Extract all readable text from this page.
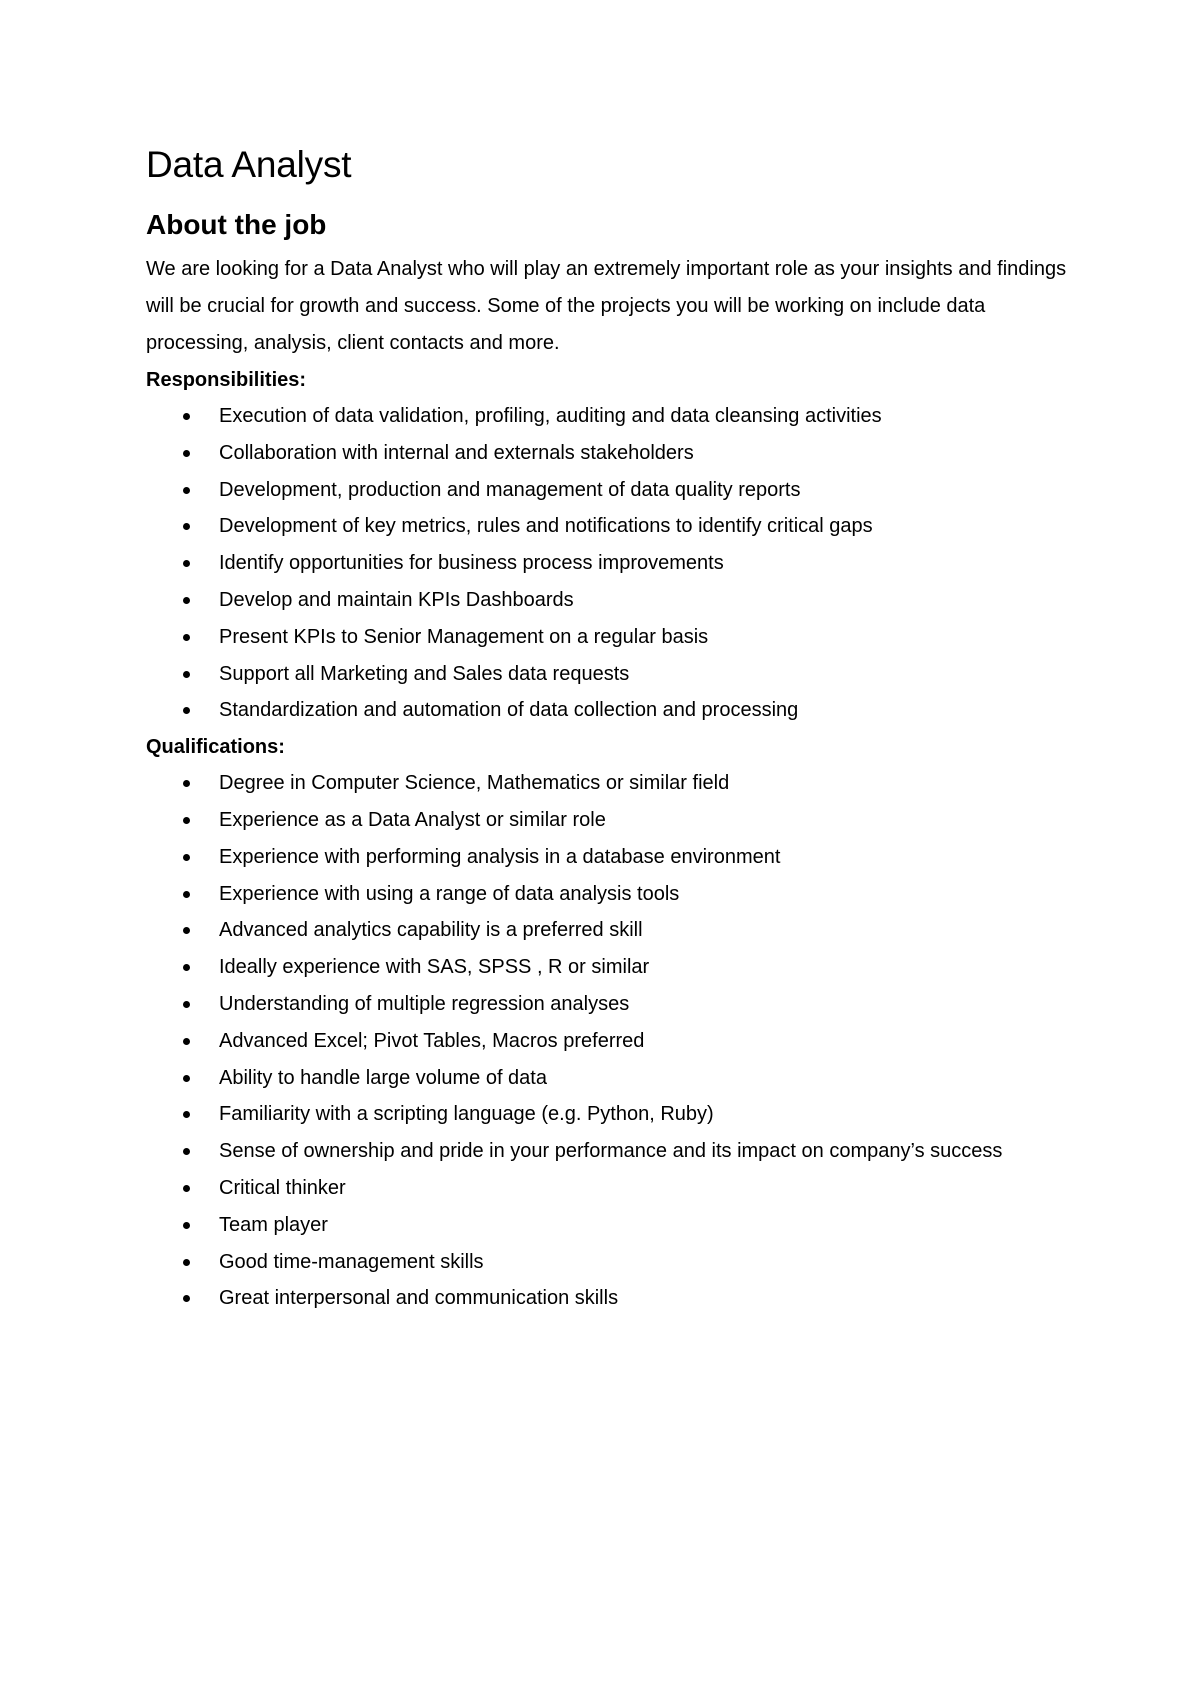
Data Analyst
About the job

We are looking for a Data Analyst who will play an extremely important role as your insights and findings will be crucial for growth and success. Some of the projects you will be working on include data processing, analysis, client contacts and more.

Responsibilities:

Execution of data validation, profiling, auditing and data cleansing activities
Collaboration with internal and externals stakeholders
Development, production and management of data quality reports
Development of key metrics, rules and notifications to identify critical gaps
Identify opportunities for business process improvements
Develop and maintain KPIs Dashboards
Present KPIs to Senior Management on a regular basis
Support all Marketing and Sales data requests
Standardization and automation of data collection and processing

Qualifications:

Degree in Computer Science, Mathematics or similar field
Experience as a Data Analyst or similar role
Experience with performing analysis in a database environment
Experience with using a range of data analysis tools
Advanced analytics capability is a preferred skill
Ideally experience with SAS, SPSS , R or similar
Understanding of multiple regression analyses
Advanced Excel; Pivot Tables, Macros preferred
Ability to handle large volume of data
Familiarity with a scripting language (e.g. Python, Ruby)
Sense of ownership and pride in your performance and its impact on company’s success
Critical thinker
Team player
Good time-management skills
Great interpersonal and communication skills
